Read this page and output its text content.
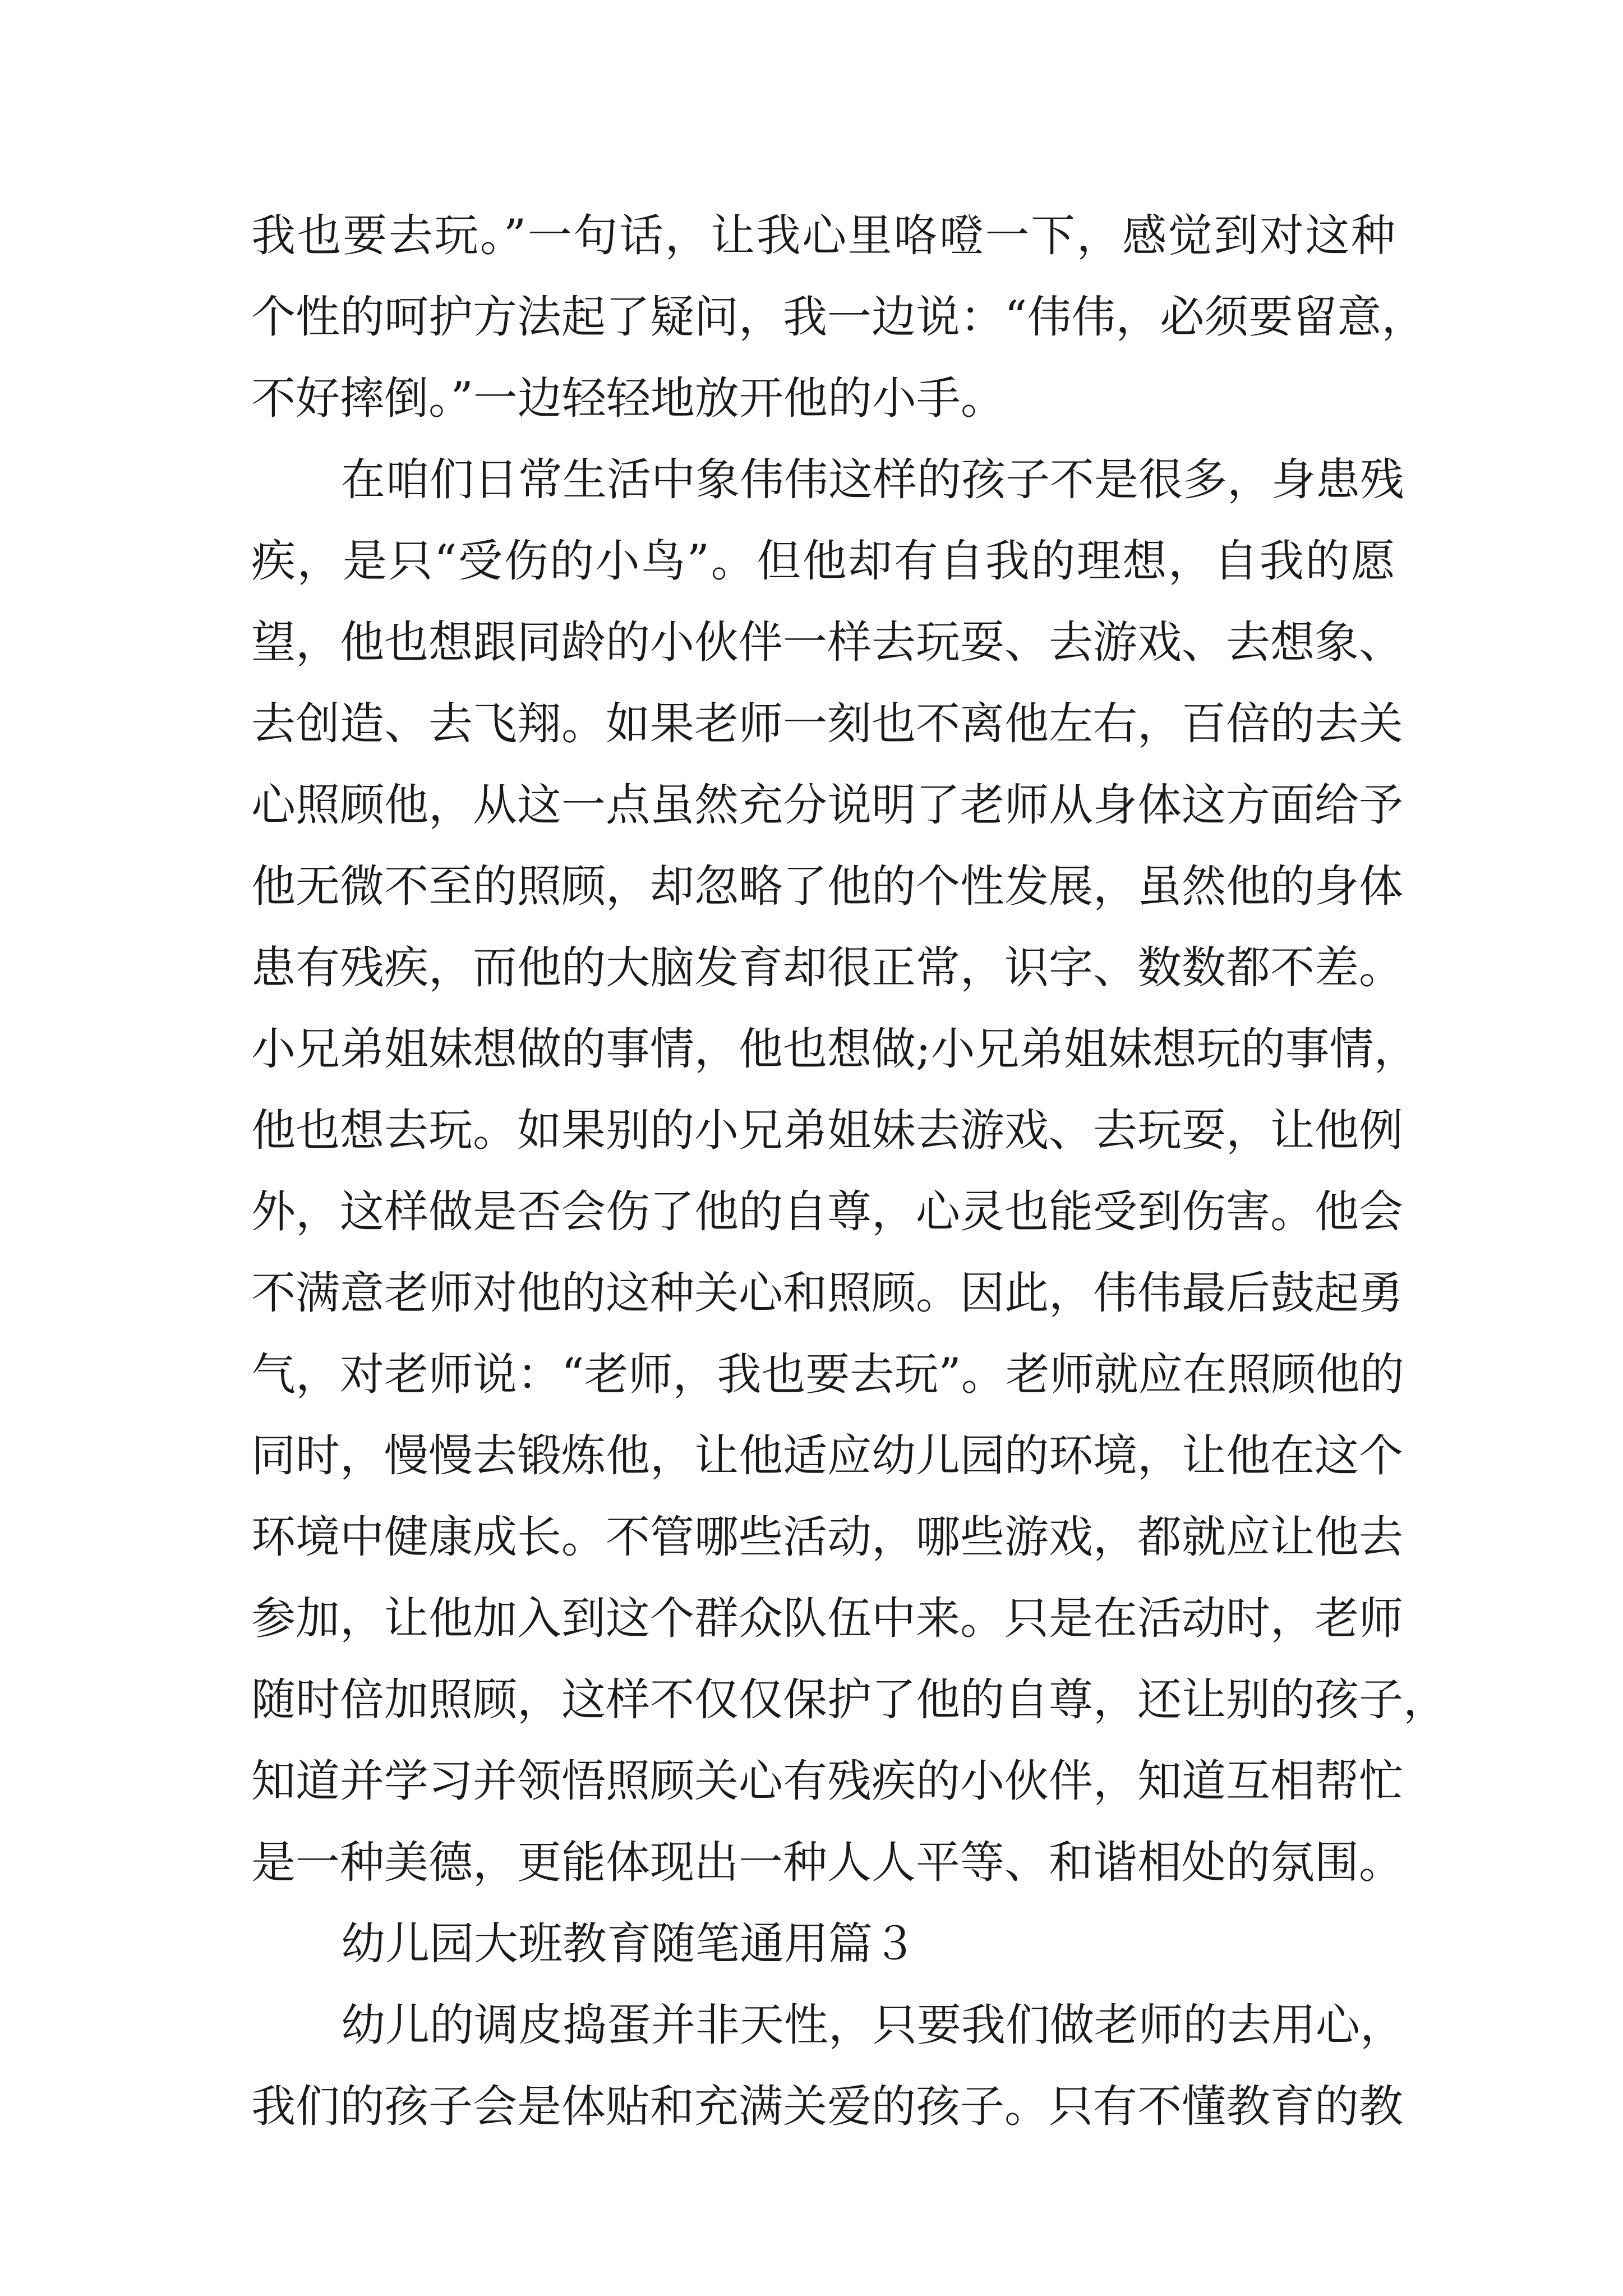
我也要去玩。”一句话，让我心里咯噔一下，感觉到对这种
个性的呵护方法起了疑问，我一边说：“伟伟，必须要留意，
不好摔倒。”一边轻轻地放开他的小手。
在咱们日常生活中象伟伟这样的孩子不是很多，身患残
疾，是只“受伤的小鸟”。但他却有自我的理想，自我的愿
望，他也想跟同龄的小伙伴一样去玩耍、去游戏、去想象、
去创造、去飞翔。如果老师一刻也不离他左右，百倍的去关
心照顾他，从这一点虽然充分说明了老师从身体这方面给予
他无微不至的照顾，却忽略了他的个性发展，虽然他的身体
患有残疾，而他的大脑发育却很正常，识字、数数都不差。
小兄弟姐妹想做的事情，他也想做;小兄弟姐妹想玩的事情，
他也想去玩。如果别的小兄弟姐妹去游戏、去玩耍，让他例
外，这样做是否会伤了他的自尊，心灵也能受到伤害。他会
不满意老师对他的这种关心和照顾。因此，伟伟最后鼓起勇
气，对老师说：“老师，我也要去玩”。老师就应在照顾他的
同时，慢慢去锻炼他，让他适应幼儿园的环境，让他在这个
环境中健康成长。不管哪些活动，哪些游戏，都就应让他去
参加，让他加入到这个群众队伍中来。只是在活动时，老师
随时倍加照顾，这样不仅仅保护了他的自尊，还让别的孩子，
知道并学习并领悟照顾关心有残疾的小伙伴，知道互相帮忙
是一种美德，更能体现出一种人人平等、和谐相处的氛围。
幼儿园大班教育随笔通用篇３
幼儿的调皮捣蛋并非天性，只要我们做老师的去用心，
我们的孩子会是体贴和充满关爱的孩子。只有不懂教育的教
